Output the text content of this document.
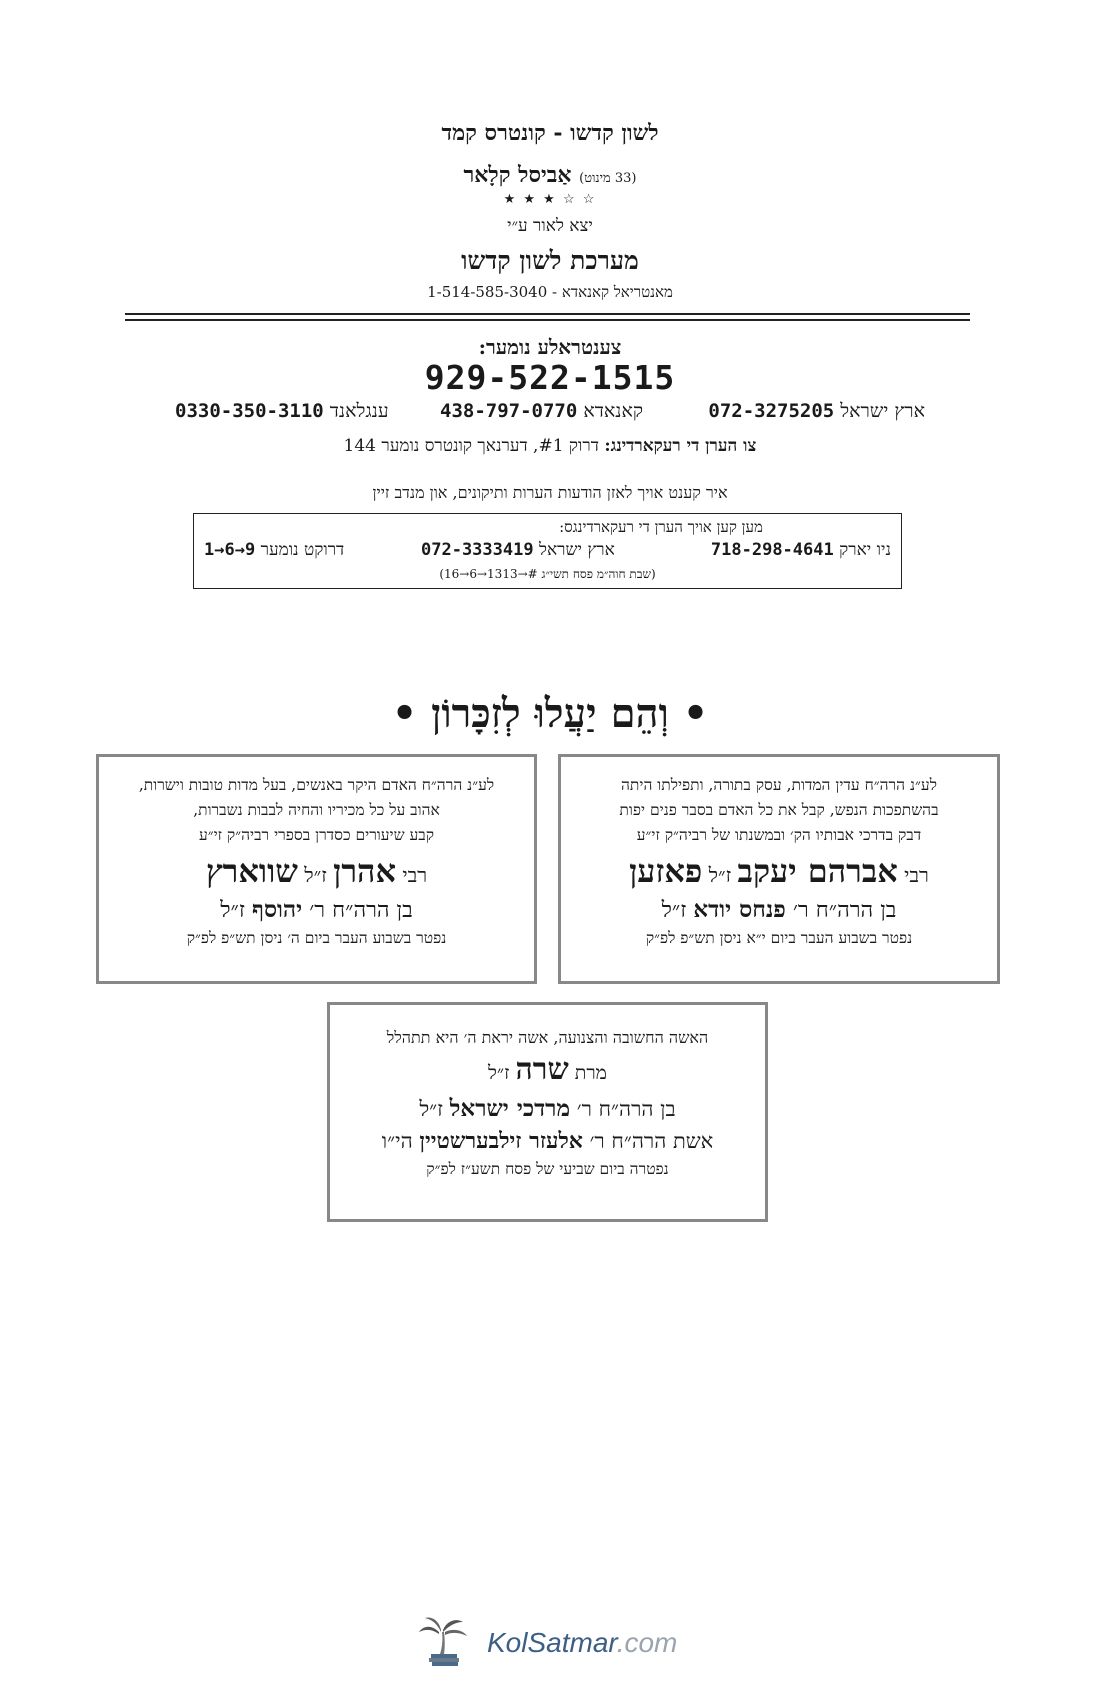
לשון קדשו - קונטרס קמד
(33 מינוט) אַביסל קלָאר
★ ★ ★ ☆ ☆
יצא לאור ע״י
מערכת לשון קדשו
מאנטריאל קאנאדא - 1-514-585-3040
צענטראלע נומער:
929-522-1515
ארץ ישראל 072-3275205
קאנאדא 438-797-0770
ענגלאנד 0330-350-3110
צו הערן די רעקארדינג: דרוק #1, דערנאך קונטרס נומער 144
איר קענט אויך לאזן הודעות הערות ותיקונים, און מנדב זיין
מען קען אויך הערן די רעקארדינגס:
ניו יארק 718-298-4641
ארץ ישראל 072-3333419
דרוקט נומער 9→6→1
(שבת חוה״מ פסח תשי״ג #→1313→6→16)
• וְהֵם יַעֲלוּ לְזִכָּרוֹן •
לע״נ הרה״ח עדין המדות, עסק בתורה, ותפילתו היתה
בהשתפכות הנפש, קבל את כל האדם בסבר פנים יפות
דבק בדרכי אבותיו הק׳ ובמשנתו של רביה״ק זי״ע
רבי אברהם יעקב ז״ל פאזען
בן הרה״ח ר׳ פנחס יודא ז״ל
נפטר בשבוע העבר ביום י״א ניסן תש״פ לפ״ק
לע״נ הרה״ח האדם היקר באנשים, בעל מדות טובות וישרות,
אהוב על כל מכיריו והחיה לבבות נשברות,
קבע שיעורים כסדרן בספרי רביה״ק זי״ע
רבי אהרן ז״ל שווארץ
בן הרה״ח ר׳ יהוסף ז״ל
נפטר בשבוע העבר ביום ה׳ ניסן תש״פ לפ״ק
האשה החשובה והצנועה, אשה יראת ה׳ היא תתהלל
מרת שרה ז״ל
בן הרה״ח ר׳ מרדכי ישראל ז״ל
אשת הרה״ח ר׳ אלעזר זילבערשטיין הי״ו
נפטרה ביום שביעי של פסח תשע״ז לפ״ק
KolSatmar.com
